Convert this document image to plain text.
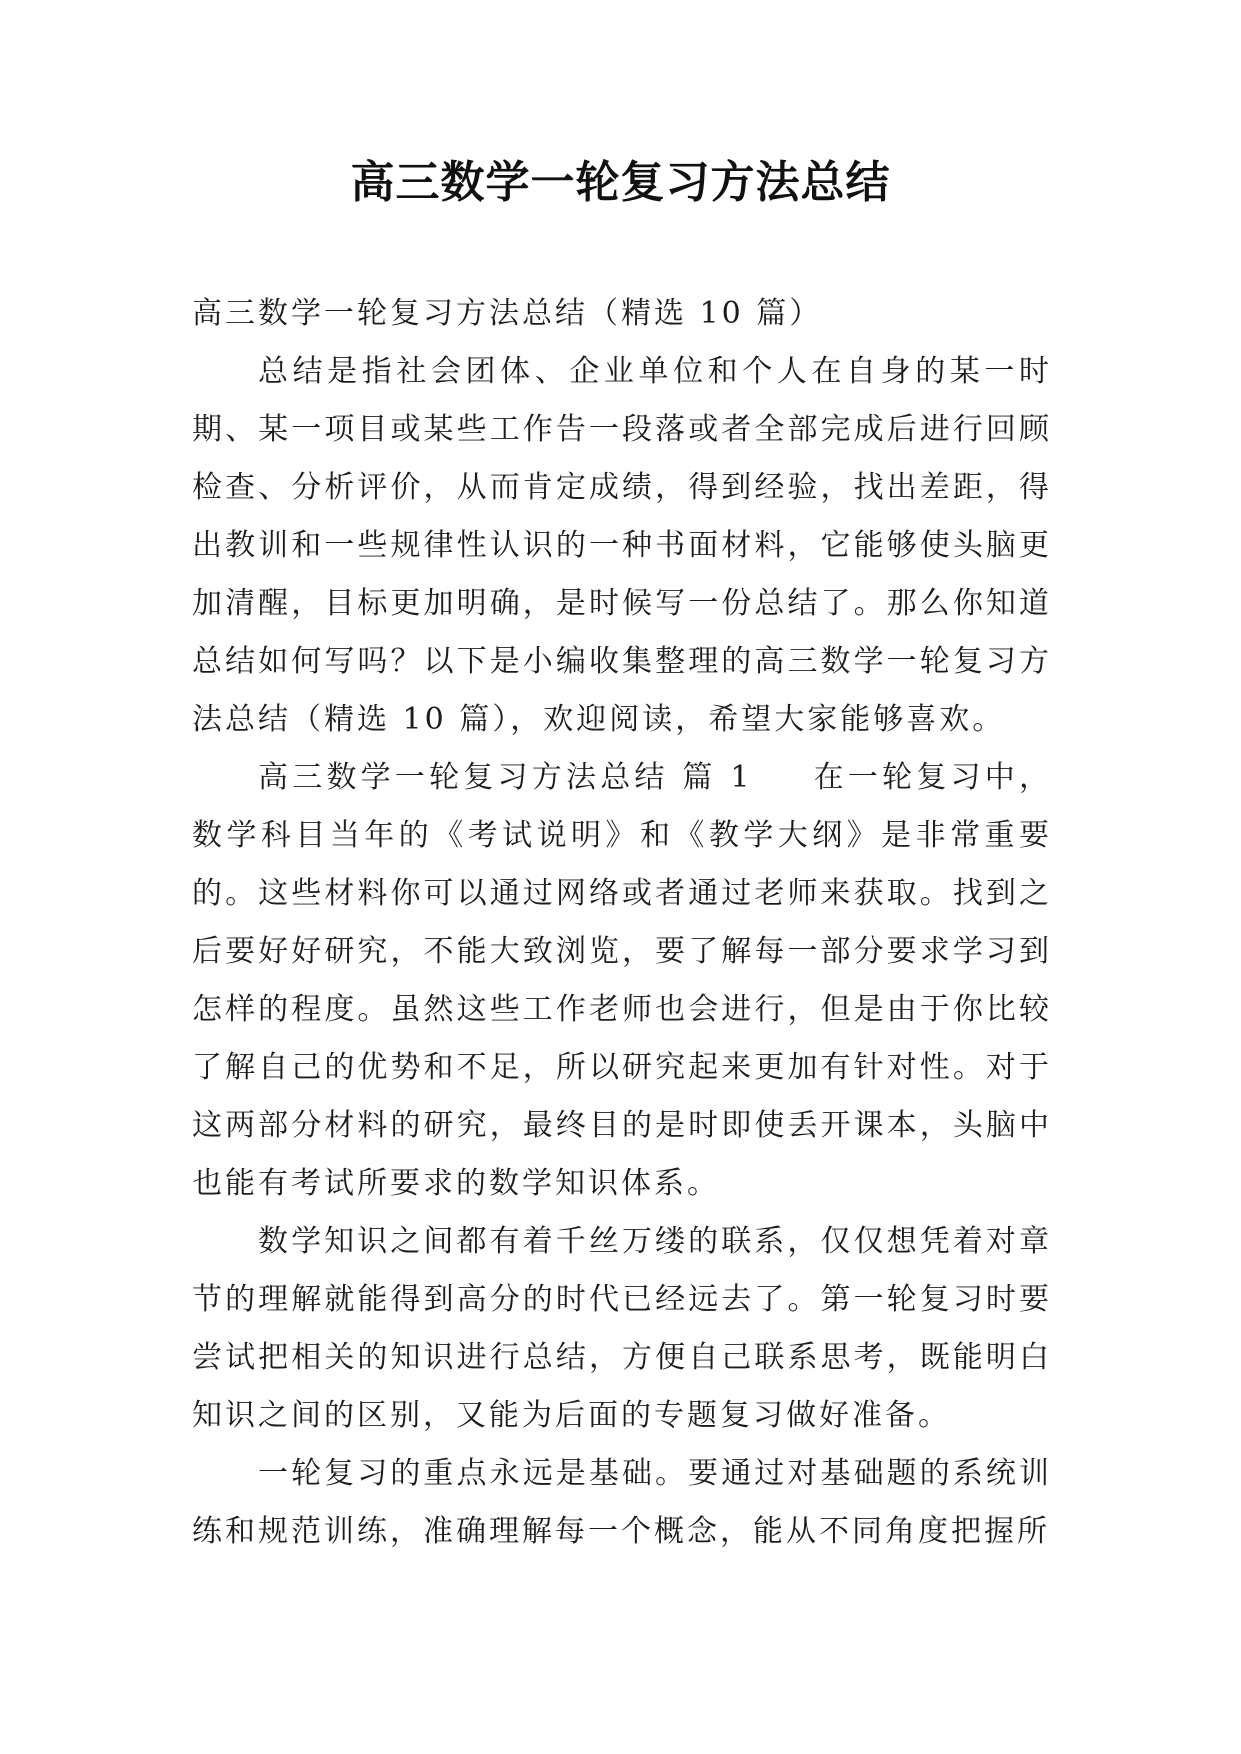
高三数学一轮复习方法总结

高三数学一轮复习方法总结（精选 10 篇）

总结是指社会团体、企业单位和个人在自身的某一时期、某一项目或某些工作告一段落或者全部完成后进行回顾检查、分析评价，从而肯定成绩，得到经验，找出差距，得出教训和一些规律性认识的一种书面材料，它能够使头脑更加清醒，目标更加明确，是时候写一份总结了。那么你知道总结如何写吗？以下是小编收集整理的高三数学一轮复习方法总结（精选 10 篇），欢迎阅读，希望大家能够喜欢。

高三数学一轮复习方法总结 篇 1 在一轮复习中，数学科目当年的《考试说明》和《教学大纲》是非常重要的。这些材料你可以通过网络或者通过老师来获取。找到之后要好好研究，不能大致浏览，要了解每一部分要求学习到怎样的程度。虽然这些工作老师也会进行，但是由于你比较了解自己的优势和不足，所以研究起来更加有针对性。对于这两部分材料的研究，最终目的是时即使丢开课本，头脑中也能有考试所要求的数学知识体系。

数学知识之间都有着千丝万缕的联系，仅仅想凭着对章节的理解就能得到高分的时代已经远去了。第一轮复习时要尝试把相关的知识进行总结，方便自己联系思考，既能明白知识之间的区别，又能为后面的专题复习做好准备。

一轮复习的重点永远是基础。要通过对基础题的系统训练和规范训练，准确理解每一个概念，能从不同角度把握所
